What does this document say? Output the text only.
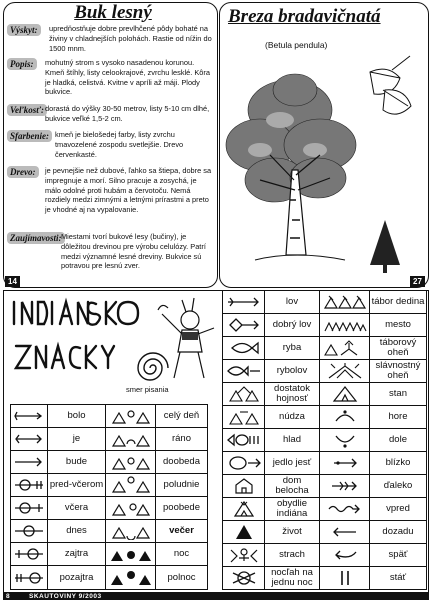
Buk lesný
Výskyt:	upredňostňuje dobre prevlhčené pôdy bohaté na živiny v chladnejších polohách. Rastie od nížin do 1500 mnm.
Popis:	mohutný strom s vysoko nasadenou korunou. Kmeň štíhly, listy celookrajové, zvrchu lesklé. Kôra je hladká, celistvá. Kvitne v apríli až máji. Plody bukvice.
Veľkosť: dorastá do výšky 30-50 metrov, listy 5-10 cm dlhé, bukvice veľké 1,5-2 cm.
Sfarbenie: kmeň je bielošedej farby, listy zvrchu tmavozelené zospodu svetlejšie. Drevo červenkasté.
Drevo:	je pevnejšie než dubové, ľahko sa štiepa, dobre sa impregnuje a morí. Silno pracuje a zosychá, je málo odolné proti hubám a červotoču. Nemá rozdiely medzi zimnými a letnými prírastmi a preto je vhodné aj na vypalovanie.
Zaujímavosti: Miestami tvorí bukové lesy (bučiny), je dôležitou drevinou pre výrobu celulózy. Patrí medzi významné lesné dreviny. Bukvice sú potravou pre lesnú zver.
14
Breza bradavičnatá
(Betula pendula)
27
smer pisania
bolo	celý deň
je	ráno
bude	doobeda
pred-včerom	poludnie
včera	poobede
dnes	večer
zajtra	noc
pozajtra	polnoc
lov	tábor dedina
dobrý lov	mesto
ryba	táborový oheň
rybolov	slávnostný oheň
dostatok hojnosť	stan
núdza	hore
hlad	dole
jedlo jesť	blízko
dom belocha	ďaleko
obydlie indiána	vpred
život	dozadu
strach	späť
nocľah na jednu noc	stáť
8	SKAUTOVINY 9/2003
